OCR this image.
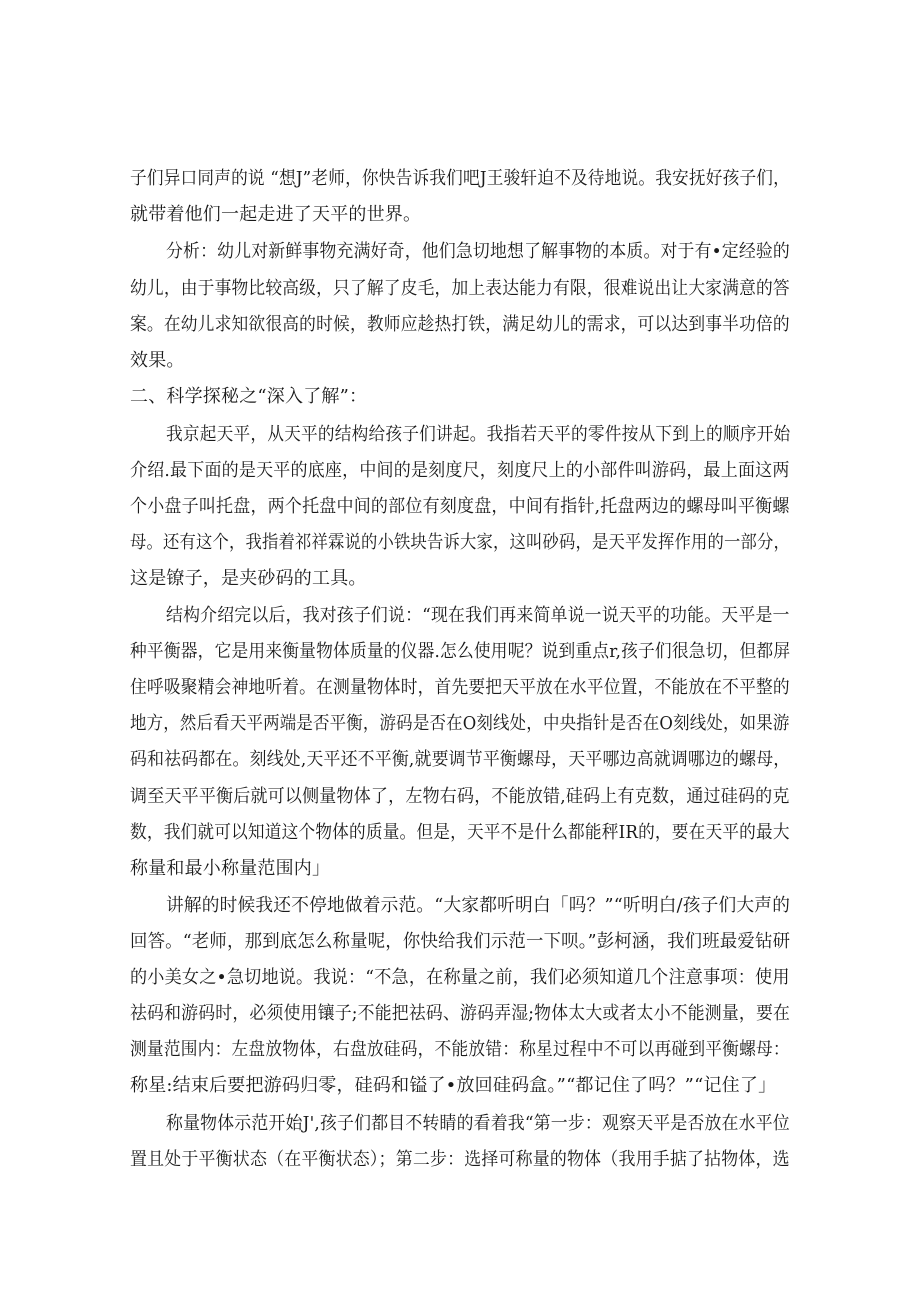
子们异口同声的说 “想J”老师，你快告诉我们吧J王骏轩迫不及待地说。我安抚好孩子们，
就带着他们一起走进了天平的世界。
分析：幼儿对新鲜事物充满好奇，他们急切地想了解事物的本质。对于有•定经验的
幼儿，由于事物比较高级，只了解了皮毛，加上表达能力有限，很难说出让大家满意的答
案。在幼儿求知欲很高的时候，教师应趁热打铁，满足幼儿的需求，可以达到事半功倍的
效果。
二、科学探秘之“深入了解”：
我京起天平，从天平的结构给孩子们讲起。我指若天平的零件按从下到上的顺序开始
介绍.最下面的是天平的底座，中间的是刻度尺，刻度尺上的小部件叫游码，最上面这两
个小盘子叫托盘，两个托盘中间的部位有刻度盘，中间有指针,托盘两边的螺母叫平衡螺
母。还有这个，我指着祁祥霖说的小铁块告诉大家，这叫砂码，是天平发挥作用的一部分，
这是镣子，是夹砂码的工具。
结构介绍完以后，我对孩子们说：“现在我们再来简单说一说天平的功能。天平是一
种平衡器，它是用来衡量物体质量的仪器.怎么使用呢？说到重点r,孩子们很急切，但都屏
住呼吸聚精会神地听着。在测量物体时，首先要把天平放在水平位置，不能放在不平整的
地方，然后看天平两端是否平衡，游码是否在O刻线处，中央指针是否在O刻线处，如果游
码和祛码都在。刻线处,天平还不平衡,就要调节平衡螺母，天平哪边高就调哪边的螺母，
调至天平平衡后就可以侧量物体了，左物右码，不能放错,硅码上有克数，通过硅码的克
数，我们就可以知道这个物体的质量。但是，天平不是什么都能秤IR的，要在天平的最大
称量和最小称量范围内」
讲解的时候我还不停地做着示范。“大家都听明白「吗？”“听明白/孩子们大声的
回答。“老师，那到底怎么称量呢，你快给我们示范一下呗。”彭柯涵，我们班最爱钻研
的小美女之•急切地说。我说：“不急，在称量之前，我们必须知道几个注意事项：使用
祛码和游码时，必须使用镶子;不能把祛码、游码弄湿;物体太大或者太小不能测量，要在
测量范围内：左盘放物体，右盘放硅码，不能放错：称星过程中不可以再碰到平衡螺母：
称星:结束后要把游码归零，硅码和镒了•放回硅码盒。”“都记住了吗？”“记住了」
称量物体示范开始J',孩子们都目不转睛的看着我“第一步：观察天平是否放在水平位
置且处于平衡状态（在平衡状态）；第二步：选择可称量的物体（我用手掂了拈物体，选
